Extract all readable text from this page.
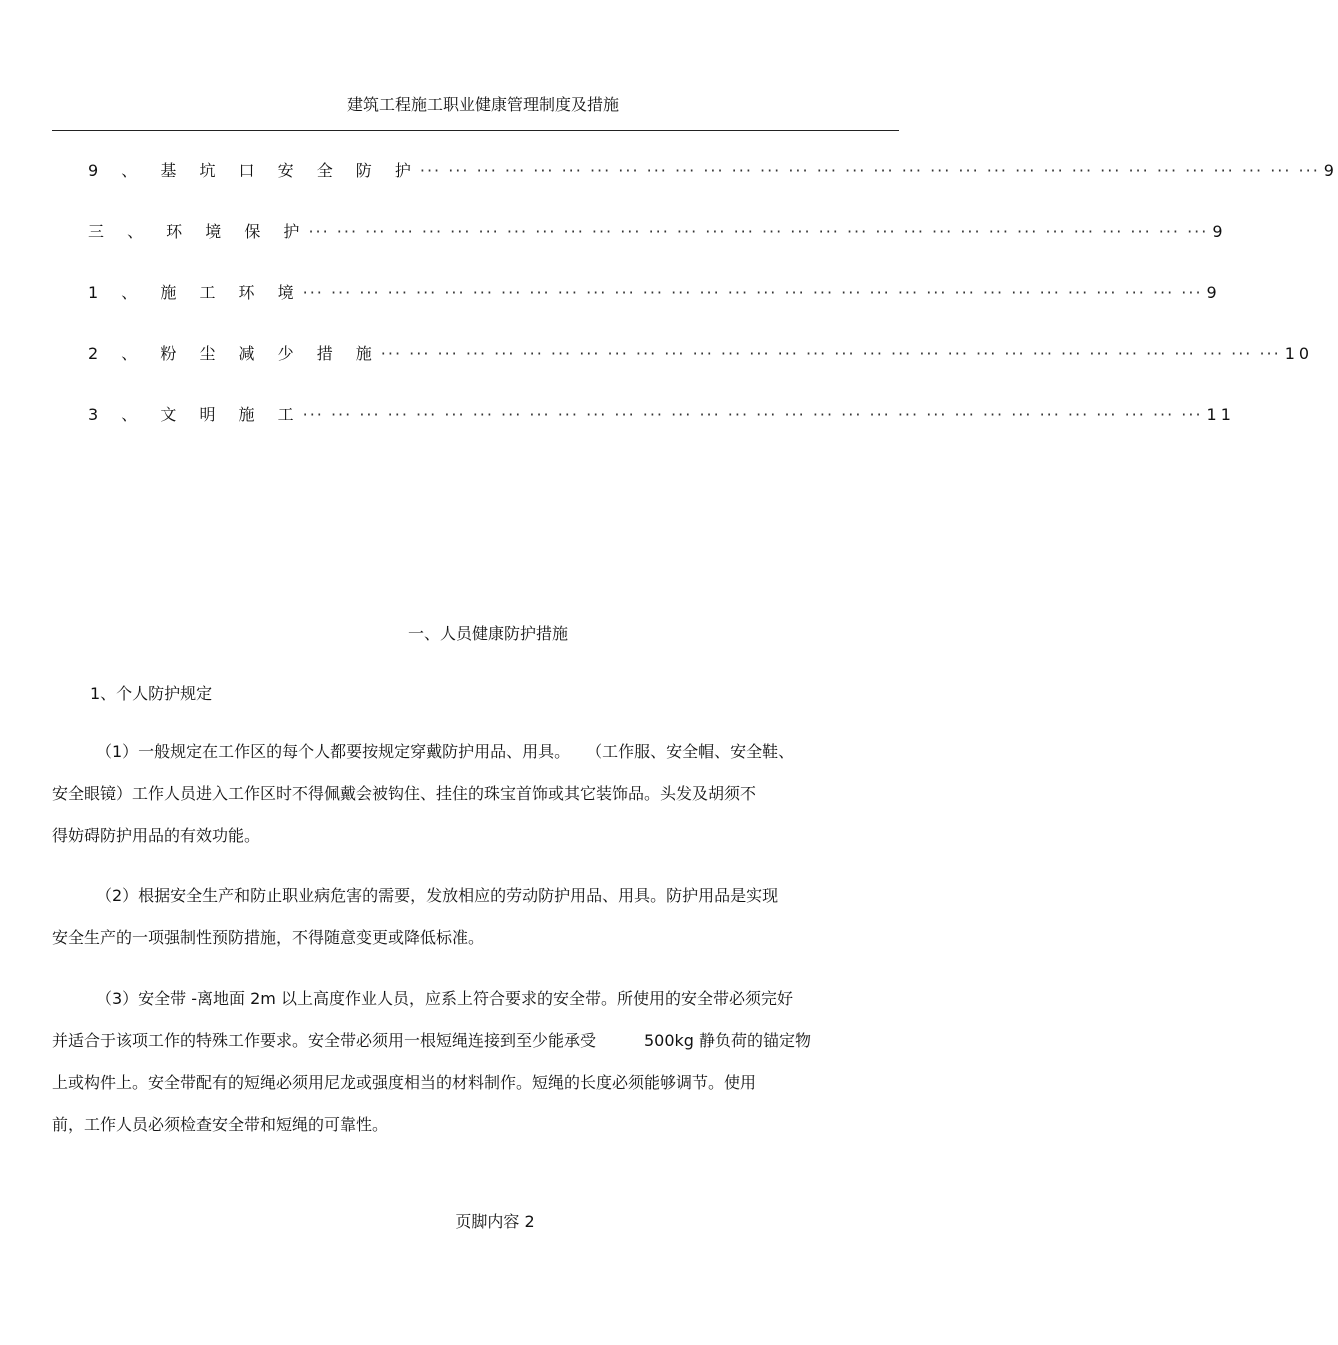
建筑工程施工职业健康管理制度及措施
9 、 基 坑 口 安 全 防 护 ··· ··· ··· ··· ··· ··· ··· ··· ··· ··· ··· ··· ··· ··· ··· ··· ··· ··· ··· ··· ··· ··· ··· ··· ··· ··· ··· ··· ··· ··· ··· ··· 9
三 、 环 境 保 护 ··· ··· ··· ··· ··· ··· ··· ··· ··· ··· ··· ··· ··· ··· ··· ··· ··· ··· ··· ··· ··· ··· ··· ··· ··· ··· ··· ··· ··· ··· ··· ··· 9
1 、 施 工 环 境 ··· ··· ··· ··· ··· ··· ··· ··· ··· ··· ··· ··· ··· ··· ··· ··· ··· ··· ··· ··· ··· ··· ··· ··· ··· ··· ··· ··· ··· ··· ··· ··· 9
2 、 粉 尘 减 少 措 施 ··· ··· ··· ··· ··· ··· ··· ··· ··· ··· ··· ··· ··· ··· ··· ··· ··· ··· ··· ··· ··· ··· ··· ··· ··· ··· ··· ··· ··· ··· ··· ··· 10
3 、 文 明 施 工 ··· ··· ··· ··· ··· ··· ··· ··· ··· ··· ··· ··· ··· ··· ··· ··· ··· ··· ··· ··· ··· ··· ··· ··· ··· ··· ··· ··· ··· ··· ··· ··· 11
一、人员健康防护措施
1、个人防护规定
（1）一般规定在工作区的每个人都要按规定穿戴防护用品、用具。　　（工作服、安全帽、安全鞋、
安全眼镜）工作人员进入工作区时不得佩戴会被钩住、挂住的珠宝首饰或其它装饰品。头发及胡须不
得妨碍防护用品的有效功能。
（2）根据安全生产和防止职业病危害的需要，发放相应的劳动防护用品、用具。防护用品是实现
安全生产的一项强制性预防措施，不得随意变更或降低标准。
（3）安全带 -离地面 2m 以上高度作业人员，应系上符合要求的安全带。所使用的安全带必须完好
并适合于该项工作的特殊工作要求。安全带必须用一根短绳连接到至少能承受　　　500kg 静负荷的锚定物
上或构件上。安全带配有的短绳必须用尼龙或强度相当的材料制作。短绳的长度必须能够调节。使用
前，工作人员必须检查安全带和短绳的可靠性。
页脚内容 2
